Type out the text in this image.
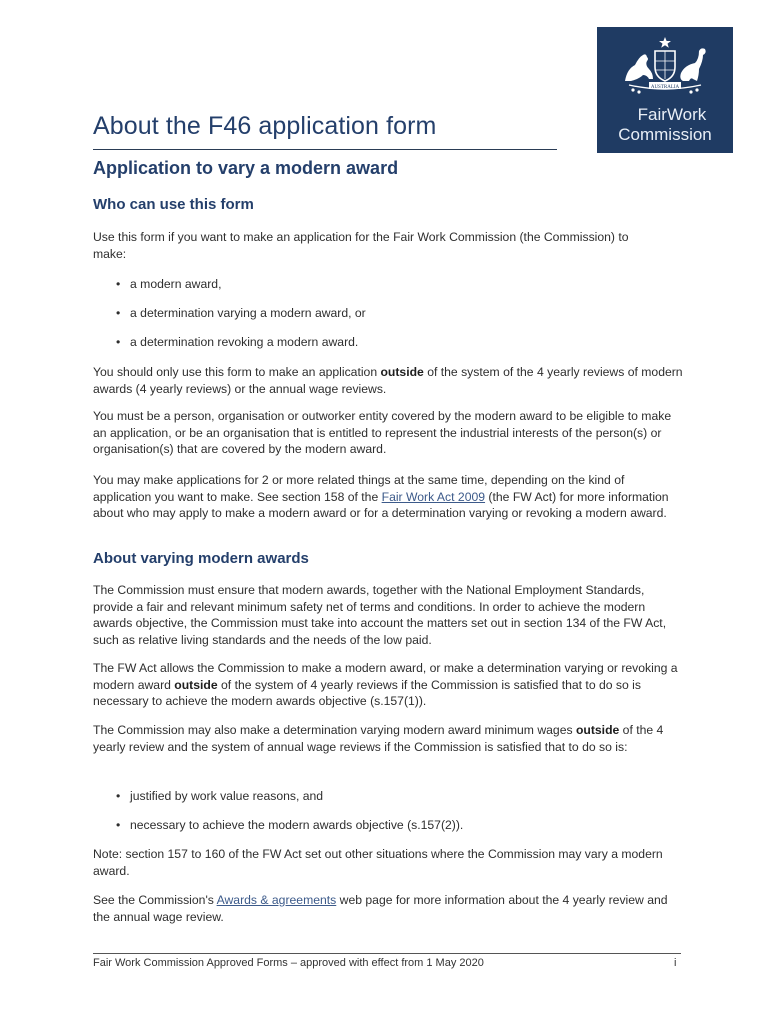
AUSTRALIA
FairWork
Commission
About the F46 application form
Application to vary a modern award
Who can use this form

Use this form if you want to make an application for the Fair Work Commission (the Commission) to
make:

• a modern award,

• a determination varying a modern award, or

• a determination revoking a modern award.

You should only use this form to make an application outside of the system of the 4 yearly reviews of modern awards (4 yearly reviews) or the annual wage reviews.

You must be a person, organisation or outworker entity covered by the modern award to be eligible to make an application, or be an organisation that is entitled to represent the industrial interests of the person(s) or organisation(s) that are covered by the modern award.

You may make applications for 2 or more related things at the same time, depending on the kind of application you want to make. See section 158 of the Fair Work Act 2009 (the FW Act) for more information about who may apply to make a modern award or for a determination varying or revoking a modern award.

About varying modern awards

The Commission must ensure that modern awards, together with the National Employment Standards, provide a fair and relevant minimum safety net of terms and conditions. In order to achieve the modern awards objective, the Commission must take into account the matters set out in section 134 of the FW Act, such as relative living standards and the needs of the low paid.

The FW Act allows the Commission to make a modern award, or make a determination varying or revoking a modern award outside of the system of 4 yearly reviews if the Commission is satisfied that to do so is necessary to achieve the modern awards objective (s.157(1)).

The Commission may also make a determination varying modern award minimum wages outside of the 4 yearly review and the system of annual wage reviews if the Commission is satisfied that to do so is:

• justified by work value reasons, and

• necessary to achieve the modern awards objective (s.157(2)).

Note: section 157 to 160 of the FW Act set out other situations where the Commission may vary a modern award.

See the Commission's Awards & agreements web page for more information about the 4 yearly review and the annual wage review.

Fair Work Commission Approved Forms – approved with effect from 1 May 2020	i
